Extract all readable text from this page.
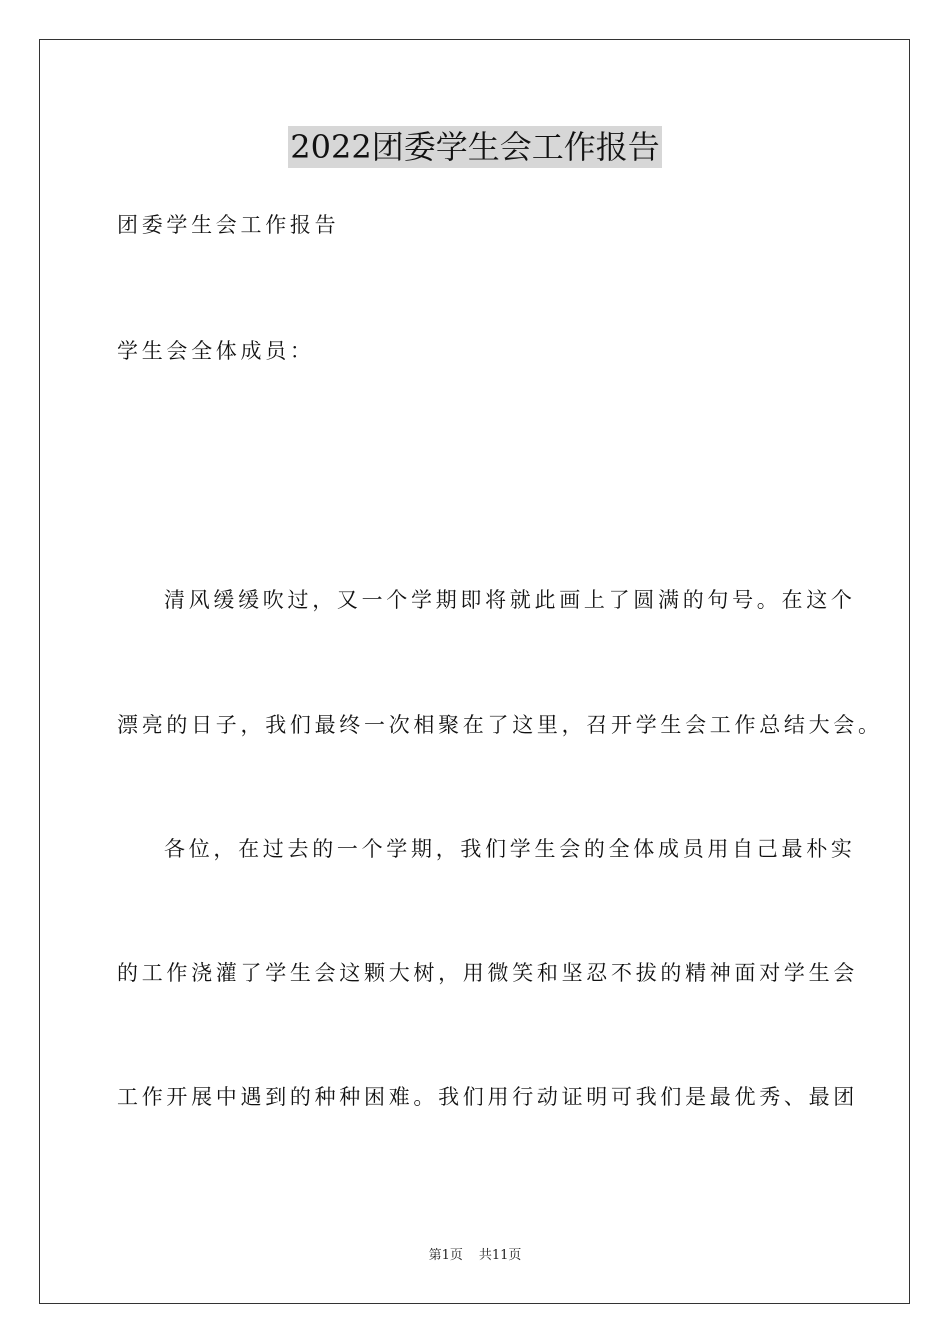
2022团委学生会工作报告
团委学生会工作报告
学生会全体成员：
清风缓缓吹过，又一个学期即将就此画上了圆满的句号。在这个
漂亮的日子，我们最终一次相聚在了这里，召开学生会工作总结大会。
各位，在过去的一个学期，我们学生会的全体成员用自己最朴实
的工作浇灌了学生会这颗大树，用微笑和坚忍不拔的精神面对学生会
工作开展中遇到的种种困难。我们用行动证明可我们是最优秀、最团
第1页 共11页
